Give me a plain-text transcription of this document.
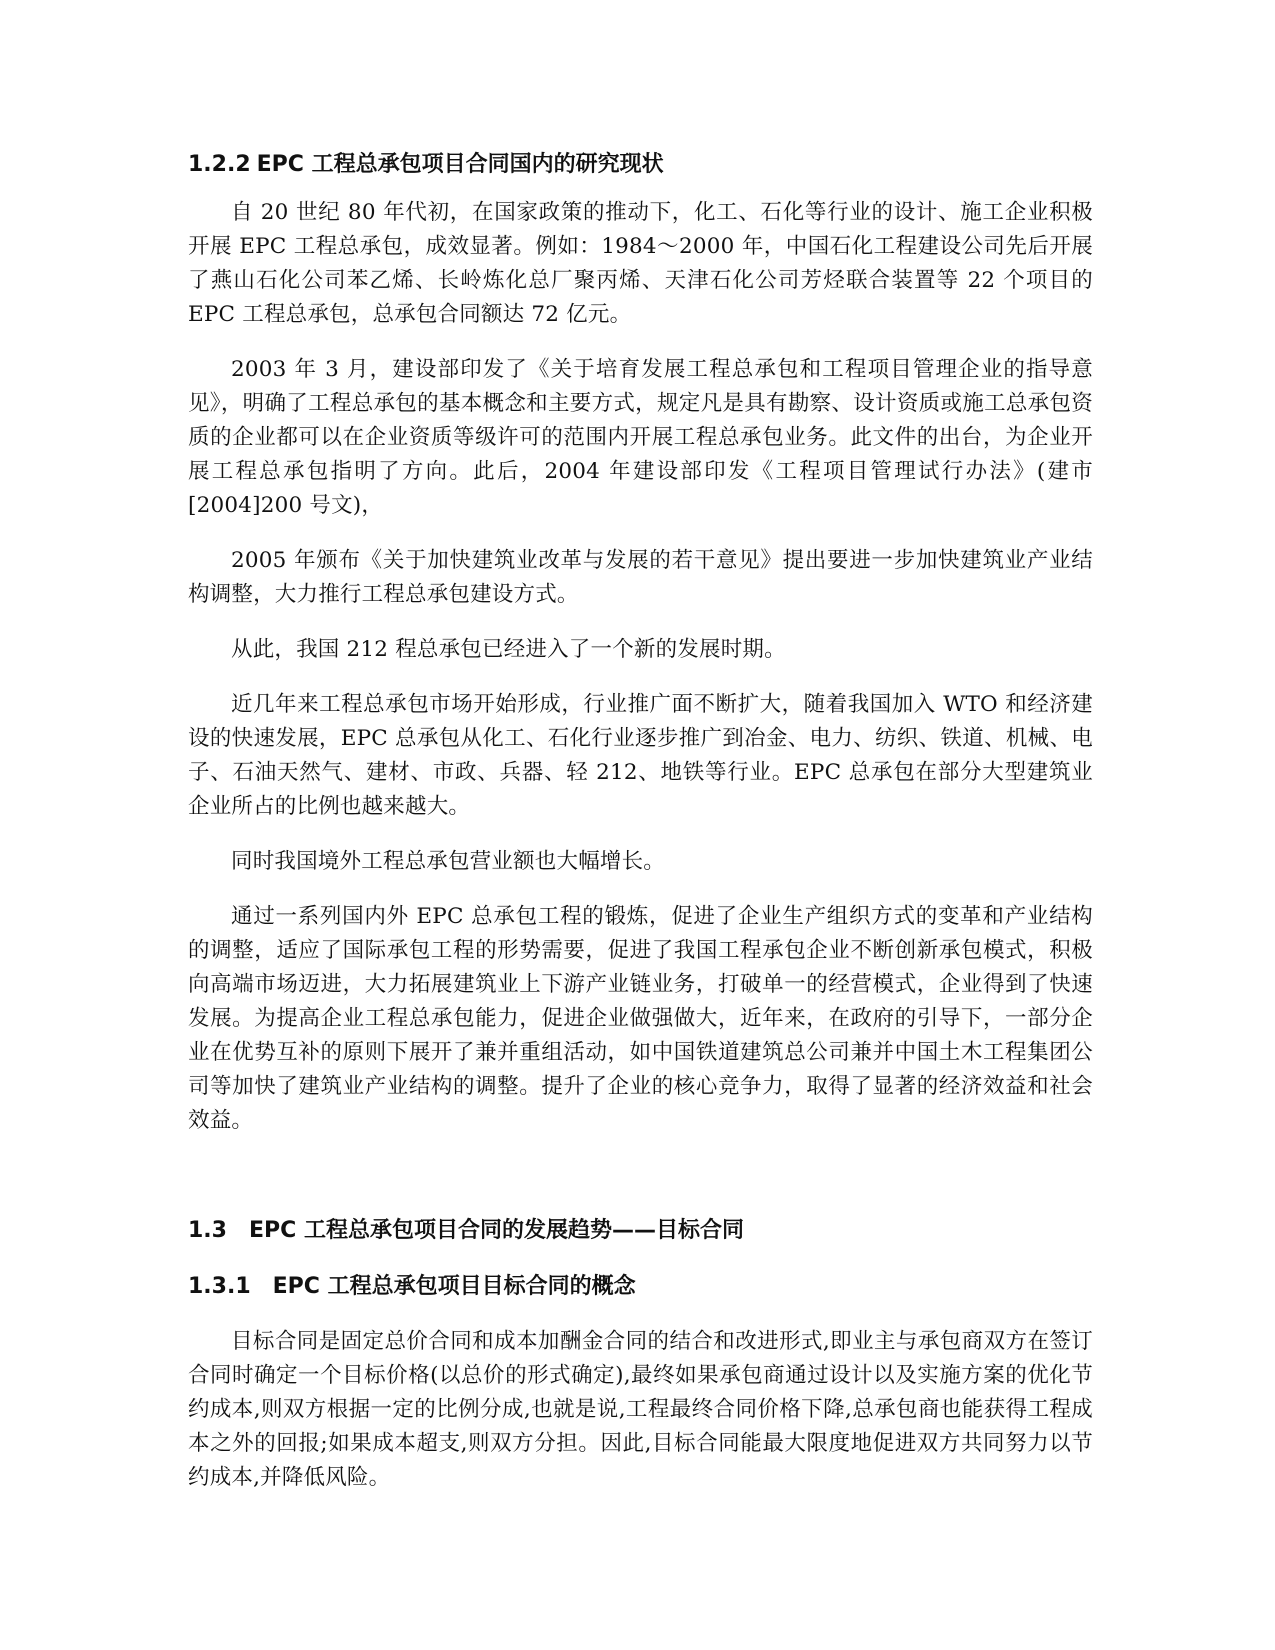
1.2.2 EPC 工程总承包项目合同国内的研究现状

自 20 世纪 80 年代初，在国家政策的推动下，化工、石化等行业的设计、施工企业积极开展 EPC 工程总承包，成效显著。例如：1984～2000 年，中国石化工程建设公司先后开展了燕山石化公司苯乙烯、长岭炼化总厂聚丙烯、天津石化公司芳烃联合装置等 22 个项目的 EPC 工程总承包，总承包合同额达 72 亿元。

2003 年 3 月，建设部印发了《关于培育发展工程总承包和工程项目管理企业的指导意见》，明确了工程总承包的基本概念和主要方式，规定凡是具有勘察、设计资质或施工总承包资质的企业都可以在企业资质等级许可的范围内开展工程总承包业务。此文件的出台，为企业开展工程总承包指明了方向。此后，2004 年建设部印发《工程项目管理试行办法》(建市[2004]200 号文)，

2005 年颁布《关于加快建筑业改革与发展的若干意见》提出要进一步加快建筑业产业结构调整，大力推行工程总承包建设方式。

从此，我国 212 程总承包已经进入了一个新的发展时期。

近几年来工程总承包市场开始形成，行业推广面不断扩大，随着我国加入 WTO 和经济建设的快速发展，EPC 总承包从化工、石化行业逐步推广到冶金、电力、纺织、铁道、机械、电子、石油天然气、建材、市政、兵器、轻 212、地铁等行业。EPC 总承包在部分大型建筑业企业所占的比例也越来越大。

同时我国境外工程总承包营业额也大幅增长。

通过一系列国内外 EPC 总承包工程的锻炼，促进了企业生产组织方式的变革和产业结构的调整，适应了国际承包工程的形势需要，促进了我国工程承包企业不断创新承包模式，积极向高端市场迈进，大力拓展建筑业上下游产业链业务，打破单一的经营模式，企业得到了快速发展。为提高企业工程总承包能力，促进企业做强做大，近年来，在政府的引导下，一部分企业在优势互补的原则下展开了兼并重组活动，如中国铁道建筑总公司兼并中国土木工程集团公司等加快了建筑业产业结构的调整。提升了企业的核心竞争力，取得了显著的经济效益和社会效益。

1.3 EPC 工程总承包项目合同的发展趋势——目标合同
1.3.1 EPC 工程总承包项目目标合同的概念

目标合同是固定总价合同和成本加酬金合同的结合和改进形式,即业主与承包商双方在签订合同时确定一个目标价格(以总价的形式确定),最终如果承包商通过设计以及实施方案的优化节约成本,则双方根据一定的比例分成,也就是说,工程最终合同价格下降,总承包商也能获得工程成本之外的回报;如果成本超支,则双方分担。因此,目标合同能最大限度地促进双方共同努力以节约成本,并降低风险。
